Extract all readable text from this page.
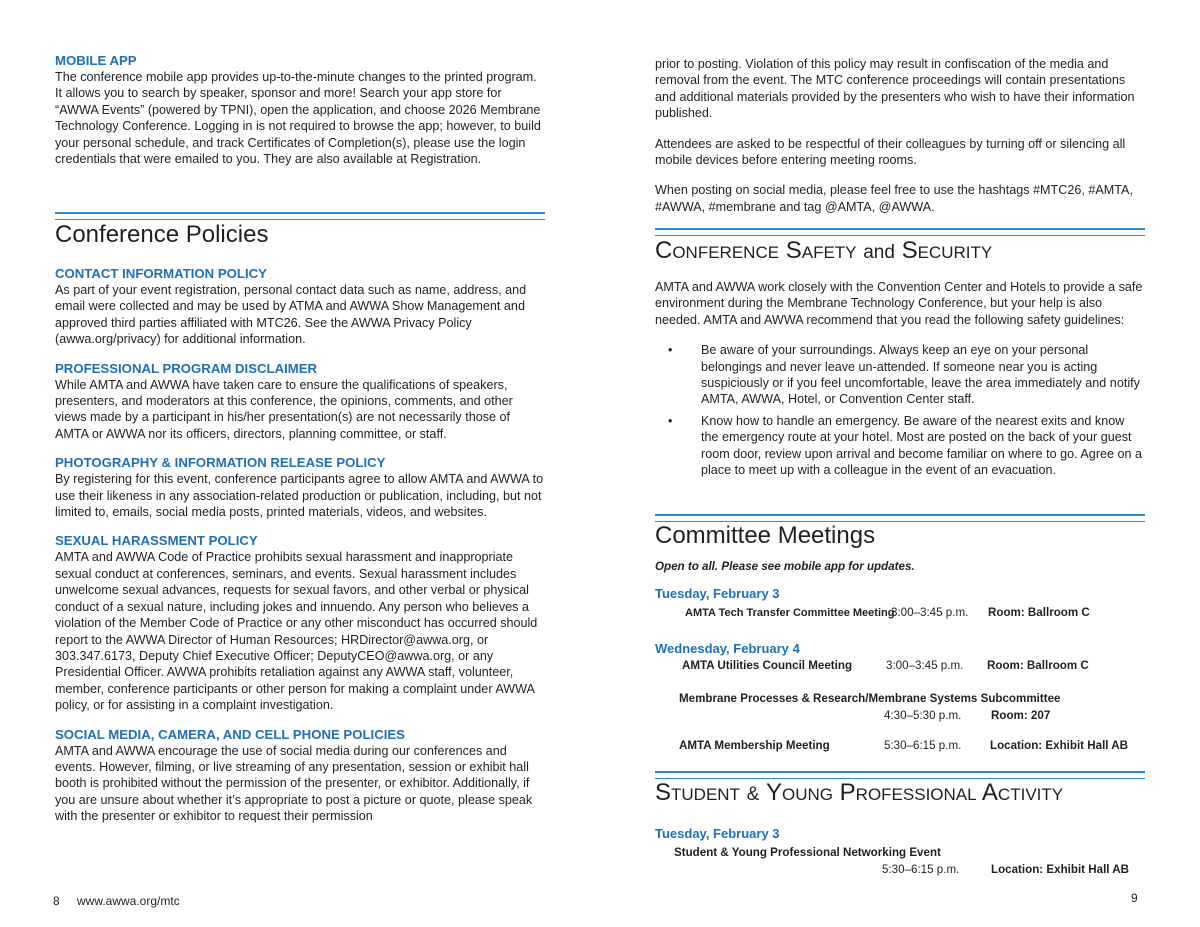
MOBILE APP
The conference mobile app provides up-to-the-minute changes to the printed program. It allows you to search by speaker, sponsor and more! Search your app store for “AWWA Events” (powered by TPNI), open the application, and choose 2026 Membrane Technology Conference. Logging in is not required to browse the app; however, to build your personal schedule, and track Certificates of Completion(s), please use the login credentials that were emailed to you. They are also available at Registration.
Conference Policies
CONTACT INFORMATION POLICY
As part of your event registration, personal contact data such as name, address, and email were collected and may be used by ATMA and AWWA Show Management and approved third parties affiliated with MTC26. See the AWWA Privacy Policy (awwa.org/privacy) for additional information.
PROFESSIONAL PROGRAM DISCLAIMER
While AMTA and AWWA have taken care to ensure the qualifications of speakers, presenters, and moderators at this conference, the opinions, comments, and other views made by a participant in his/her presentation(s) are not necessarily those of AMTA or AWWA nor its officers, directors, planning committee, or staff.
PHOTOGRAPHY & INFORMATION RELEASE POLICY
By registering for this event, conference participants agree to allow AMTA and AWWA to use their likeness in any association-related production or publication, including, but not limited to, emails, social media posts, printed materials, videos, and websites.
SEXUAL HARASSMENT POLICY
AMTA and AWWA Code of Practice prohibits sexual harassment and inappropriate sexual conduct at conferences, seminars, and events. Sexual harassment includes unwelcome sexual advances, requests for sexual favors, and other verbal or physical conduct of a sexual nature, including jokes and innuendo. Any person who believes a violation of the Member Code of Practice or any other misconduct has occurred should report to the AWWA Director of Human Resources; HRDirector@awwa.org, or 303.347.6173, Deputy Chief Executive Officer; DeputyCEO@awwa.org, or any Presidential Officer. AWWA prohibits retaliation against any AWWA staff, volunteer, member, conference participants or other person for making a complaint under AWWA policy, or for assisting in a complaint investigation.
SOCIAL MEDIA, CAMERA, AND CELL PHONE POLICIES
AMTA and AWWA encourage the use of social media during our conferences and events. However, filming, or live streaming of any presentation, session or exhibit hall booth is prohibited without the permission of the presenter, or exhibitor. Additionally, if you are unsure about whether it’s appropriate to post a picture or quote, please speak with the presenter or exhibitor to request their permission
8 www.awwa.org/mtc
prior to posting. Violation of this policy may result in confiscation of the media and removal from the event. The MTC conference proceedings will contain presentations and additional materials provided by the presenters who wish to have their information published.
Attendees are asked to be respectful of their colleagues by turning off or silencing all mobile devices before entering meeting rooms.
When posting on social media, please feel free to use the hashtags #MTC26, #AMTA, #AWWA, #membrane and tag @AMTA, @AWWA.
Conference Safety and Security
AMTA and AWWA work closely with the Convention Center and Hotels to provide a safe environment during the Membrane Technology Conference, but your help is also needed. AMTA and AWWA recommend that you read the following safety guidelines:
• Be aware of your surroundings. Always keep an eye on your personal belongings and never leave un-attended. If someone near you is acting suspiciously or if you feel uncomfortable, leave the area immediately and notify AMTA, AWWA, Hotel, or Convention Center staff.
• Know how to handle an emergency. Be aware of the nearest exits and know the emergency route at your hotel. Most are posted on the back of your guest room door, review upon arrival and become familiar on where to go. Agree on a place to meet up with a colleague in the event of an evacuation.
Committee Meetings
Open to all. Please see mobile app for updates.
Tuesday, February 3
AMTA Tech Transfer Committee Meeting
3:00–3:45 p.m. Room: Ballroom C
Wednesday, February 4
AMTA Utilities Council Meeting	3:00–3:45 p.m. Room: Ballroom C
Membrane Processes & Research/Membrane Systems Subcommittee
4:30–5:30 p.m.	Room: 207
AMTA Membership Meeting	5:30–6:15 p.m. Location: Exhibit Hall AB
Student & Young Professional Activity
Tuesday, February 3
Student & Young Professional Networking Event
5:30–6:15 p.m.	Location: Exhibit Hall AB
9
